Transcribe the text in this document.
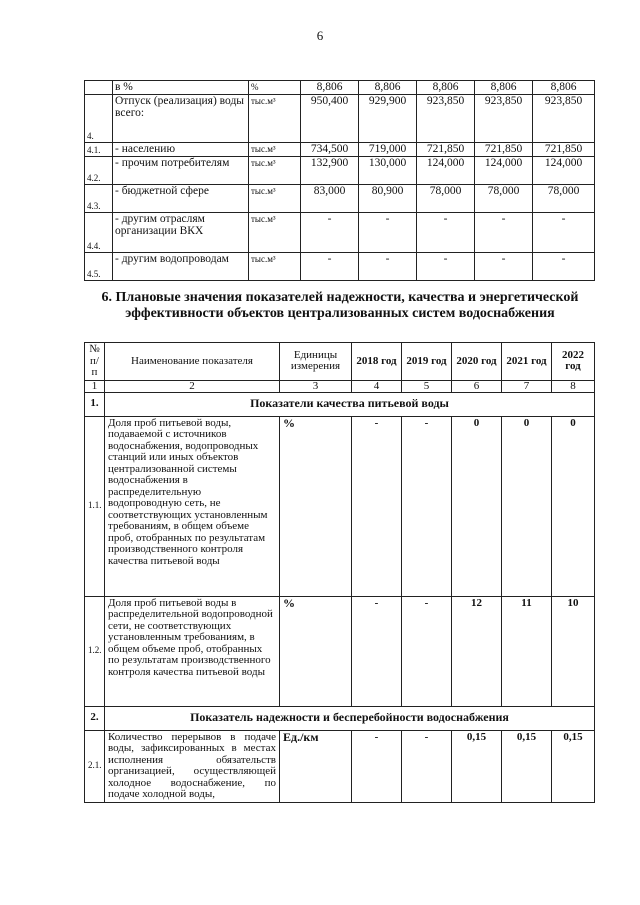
6
	в %	%	8,806	8,806	8,806	8,806	8,806
4.	Отпуск (реализация) воды всего:	тыс.м³	950,400	929,900	923,850	923,850	923,850
4.1.	- населению	тыс.м³	734,500	719,000	721,850	721,850	721,850
4.2.	- прочим потребителям	тыс.м³	132,900	130,000	124,000	124,000	124,000
4.3.	- бюджетной сфере	тыс.м³	83,000	80,900	78,000	78,000	78,000
4.4.	- другим отраслям организации ВКХ	тыс.м³	-	-	-	-	-
4.5.	- другим водопроводам	тыс.м³	-	-	-	-	-
6. Плановые значения показателей надежности, качества и энергетической эффективности объектов централизованных систем водоснабжения
№ п/п	Наименование показателя	Единицы измерения	2018 год	2019 год	2020 год	2021 год	2022 год
1	2	3	4	5	6	7	8
1.	Показатели качества питьевой воды						
1.1.	Доля проб питьевой воды, подаваемой с источников водоснабжения, водопроводных станций или иных объектов централизованной системы водоснабжения в распределительную водопроводную сеть, не соответствующих установленным требованиям, в общем объеме проб, отобранных по результатам производственного контроля качества питьевой воды	%	-	-	0	0	0
1.2.	Доля проб питьевой воды в распределительной водопроводной сети, не соответствующих установленным требованиям, в общем объеме проб, отобранных по результатам производственного контроля качества питьевой воды	%	-	-	12	11	10
2.	Показатель надежности и бесперебойности водоснабжения						
2.1.	Количество перерывов в подаче воды, зафиксированных в местах исполнения обязательств организацией, осуществляющей холодное водоснабжение, по подаче холодной воды,	Ед./км	-	-	0,15	0,15	0,15
